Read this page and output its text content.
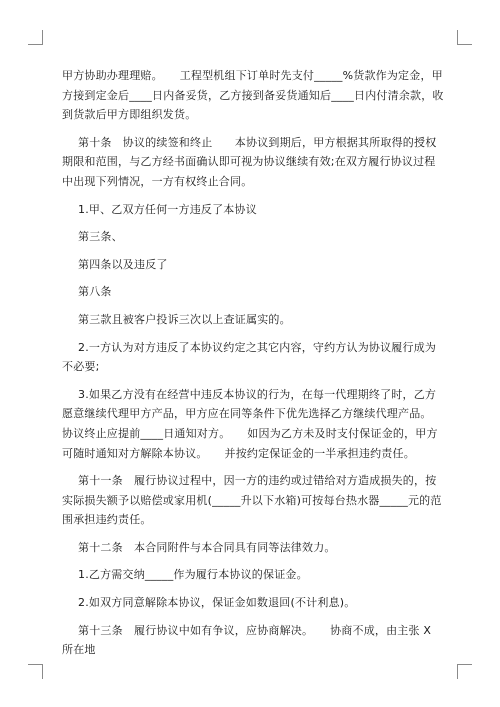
甲方协助办理理赔。　　工程型机组下订单时先支付_____%货款作为定金，甲方接到定金后____日内备妥货，乙方接到备妥货通知后____日内付清余款，收到货款后甲方即组织发货。

第十条　协议的续签和终止　　本协议到期后，甲方根据其所取得的授权期限和范围，与乙方经书面确认即可视为协议继续有效;在双方履行协议过程中出现下列情况，一方有权终止合同。

1.甲、乙双方任何一方违反了本协议

第三条、

第四条以及违反了

第八条

第三款且被客户投诉三次以上查证属实的。

2.一方认为对方违反了本协议约定之其它内容，守约方认为协议履行成为不必要;

3.如果乙方没有在经营中违反本协议的行为，在每一代理期终了时，乙方愿意继续代理甲方产品，甲方应在同等条件下优先选择乙方继续代理产品。　　协议终止应提前____日通知对方。　　如因为乙方未及时支付保证金的，甲方可随时通知对方解除本协议。　　并按约定保证金的一半承担违约责任。

第十一条　履行协议过程中，因一方的违约或过错给对方造成损失的，按实际损失额予以赔偿或家用机(_____升以下水箱)可按每台热水器_____元的范围承担违约责任。

第十二条　本合同附件与本合同具有同等法律效力。

1.乙方需交纳_____作为履行本协议的保证金。

2.如双方同意解除本协议，保证金如数退回(不计利息)。

第十三条　履行协议中如有争议，应协商解决。　　协商不成，由主张 X 所在地
